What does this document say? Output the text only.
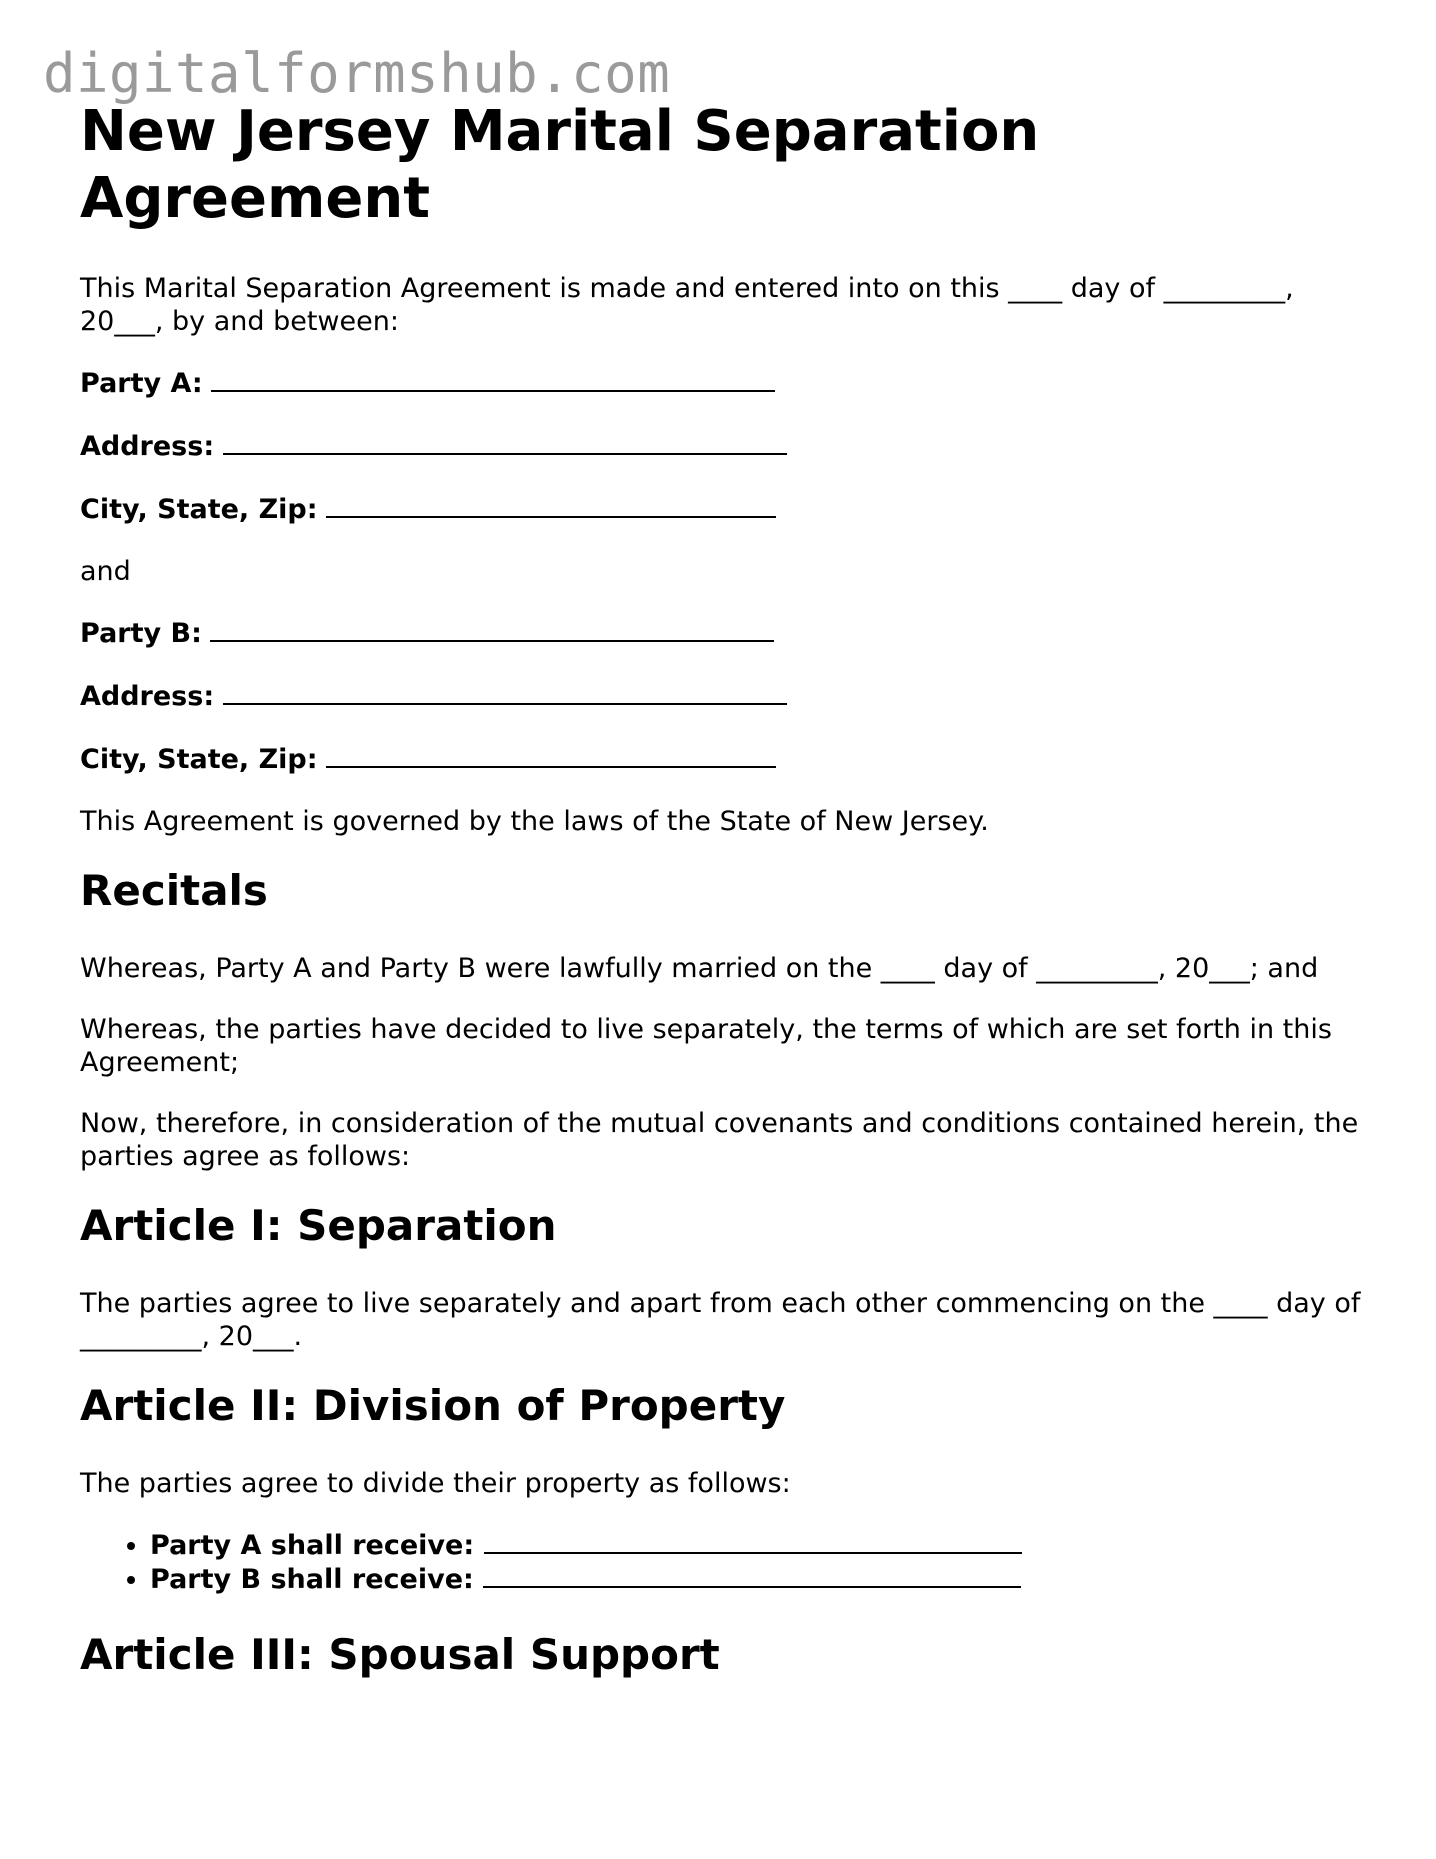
digitalformshub.com
New Jersey Marital Separation Agreement

This Marital Separation Agreement is made and entered into on this ____ day of _________, 20___, by and between:

Party A:

Address:

City, State, Zip:

and

Party B:

Address:

City, State, Zip:

This Agreement is governed by the laws of the State of New Jersey.

Recitals

Whereas, Party A and Party B were lawfully married on the ____ day of _________, 20___; and

Whereas, the parties have decided to live separately, the terms of which are set forth in this Agreement;

Now, therefore, in consideration of the mutual covenants and conditions contained herein, the parties agree as follows:

Article I: Separation

The parties agree to live separately and apart from each other commencing on the ____ day of _________, 20___.

Article II: Division of Property

The parties agree to divide their property as follows:

• Party A shall receive:
• Party B shall receive:
Article III: Spousal Support
